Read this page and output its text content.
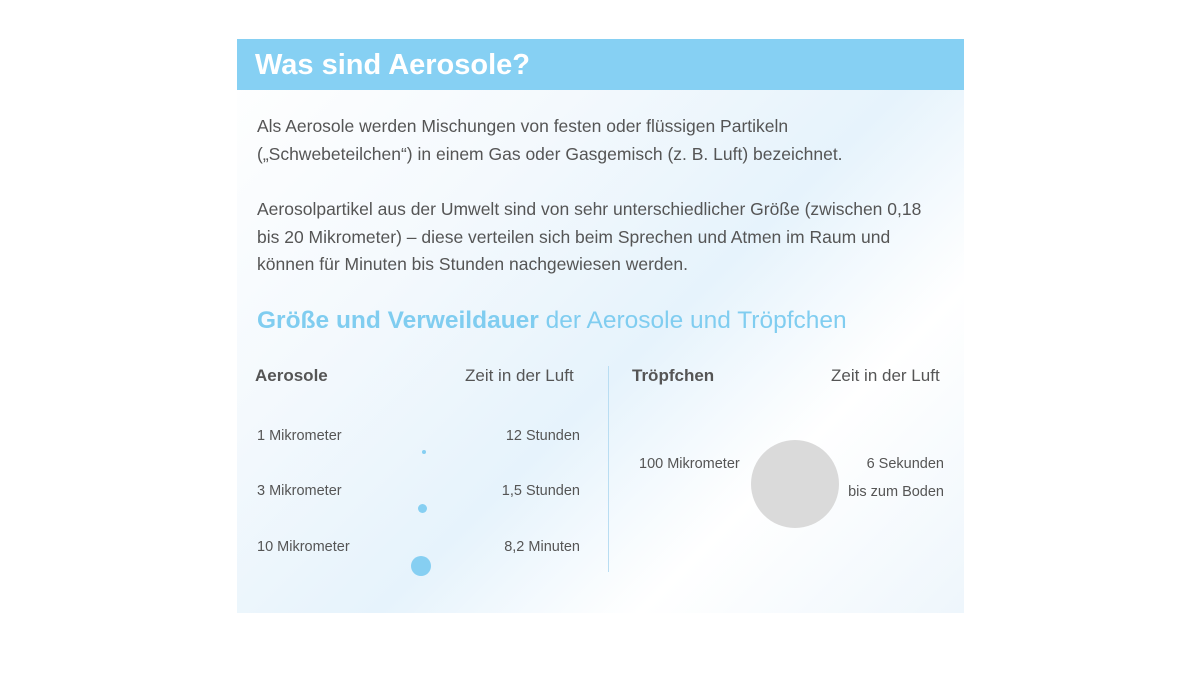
Was sind Aerosole?

Als Aerosole werden Mischungen von festen oder flüssigen Partikeln („Schwebeteilchen“) in einem Gas oder Gasgemisch (z. B. Luft) bezeichnet.

Aerosolpartikel aus der Umwelt sind von sehr unterschiedlicher Größe (zwischen 0,18 bis 20 Mikrometer) – diese verteilen sich beim Sprechen und Atmen im Raum und können für Minuten bis Stunden nachgewiesen werden.

Größe und Verweildauer der Aerosole und Tröpfchen
Aerosole	Zeit in der Luft
1 Mikrometer	12 Stunden
3 Mikrometer	1,5 Stunden
10 Mikrometer	8,2 Minuten
Tröpfchen	Zeit in der Luft
100 Mikrometer	6 Sekunden
bis zum Boden
